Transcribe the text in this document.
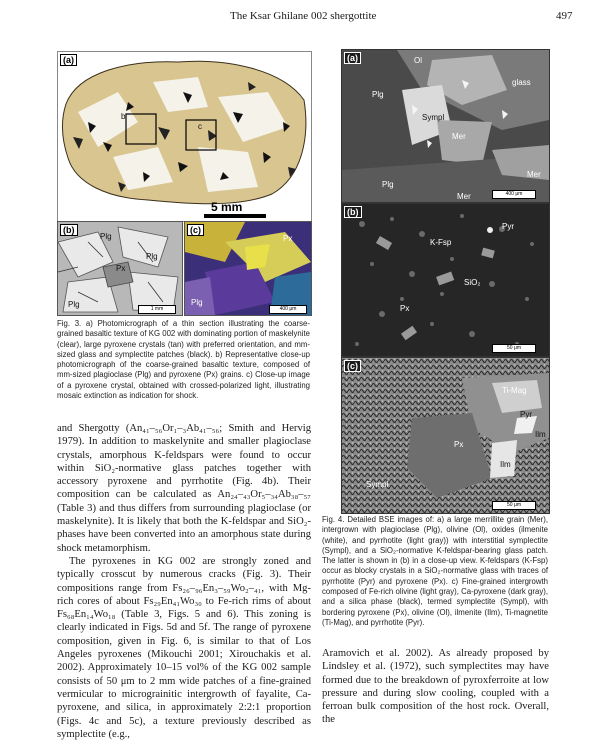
The Ksar Ghilane 002 shergottite	497
(a)
b
c
5 mm
(b)
Plg
Px
Plg
Plg	1 mm
(c)
Px
Plg
400 μm
Fig. 3. a) Photomicrograph of a thin section illustrating the coarse-grained basaltic texture of KG 002 with dominating portion of maskelynite (clear), large pyroxene crystals (tan) with preferred orientation, and mm-sized glass and symplectite patches (black). b) Representative close-up photomicrograph of the coarse-grained basaltic texture, composed of mm-sized plagioclase (Plg) and pyroxene (Px) grains. c) Close-up image of a pyroxene crystal, obtained with crossed-polarized light, illustrating mosaic extinction as indication for shock.

and Shergotty (An₄₁–₅₆Or₁–₃Ab₄₁–₅₆; Smith and Hervig 1979). In addition to maskelynite and smaller plagioclase crystals, amorphous K-feldspars were found to occur within SiO₂-normative glass patches together with accessory pyroxene and pyrrhotite (Fig. 4b). Their composition can be calculated as An₂₄–₄₃Or₅–₃₄Ab₃₈–₅₇ (Table 3) and thus differs from surrounding plagioclase (or maskelynite). It is likely that both the K-feldspar and SiO₂-phases have been converted into an amorphous state during shock metamorphism.

The pyroxenes in KG 002 are strongly zoned and typically crosscut by numerous cracks (Fig. 3). Their compositions range from Fs₂₆–₉₆En₃–₅₉Wo₂–₄₁, with Mg-rich cores of about Fs₂₉En₄₁Wo₃₀ to Fe-rich rims of about Fs₆₈En₁₄Wo₁₈ (Table 3, Figs. 5 and 6). This zoning is clearly indicated in Figs. 5d and 5f. The range of pyroxene composition, given in Fig. 6, is similar to that of Los Angeles pyroxenes (Mikouchi 2001; Xirouchakis et al. 2002). Approximately 10–15 vol% of the KG 002 sample consists of 50 μm to 2 mm wide patches of a fine-grained vermicular to micrograinitic intergrowth of fayalite, Ca-pyroxene, and silica, in approximately 2:2:1 proportion (Figs. 4c and 5c), a texture previously described as symplectite (e.g.,

(a)	Ol
Plg
glass
Sympl
Mer
Plg
Mer
Mer
400 μm
(b)
K-Fsp
Pyr
SiO₂
Px
50 μm
(c)
Ti-Mag
Pyr
Ilm
Px
Ilm
Sympl
50 μm
Fig. 4. Detailed BSE images of: a) a large merrillite grain (Mer), intergrown with plagioclase (Plg), olivine (Ol), oxides (ilmenite (white), and pyrrhotite (light gray)) with interstitial symplectite (Sympl), and a SiO₂-normative K-feldspar-bearing glass patch. The latter is shown in (b) in a close-up view. K-feldspars (K-Fsp) occur as blocky crystals in a SiO₂-normative glass with traces of pyrrhotite (Pyr) and pyroxene (Px). c) Fine-grained intergrowth composed of Fe-rich olivine (light gray), Ca-pyroxene (dark gray), and a silica phase (black), termed symplectite (Sympl), with bordering pyroxene (Px), olivine (Ol), ilmenite (Ilm), Ti-magnetite (Ti-Mag), and pyrrhotite (Pyr).

Aramovich et al. 2002). As already proposed by Lindsley et al. (1972), such symplectites may have formed due to the breakdown of pyroxferroite at low pressure and during slow cooling, coupled with a ferroan bulk composition of the host rock. Overall, the
